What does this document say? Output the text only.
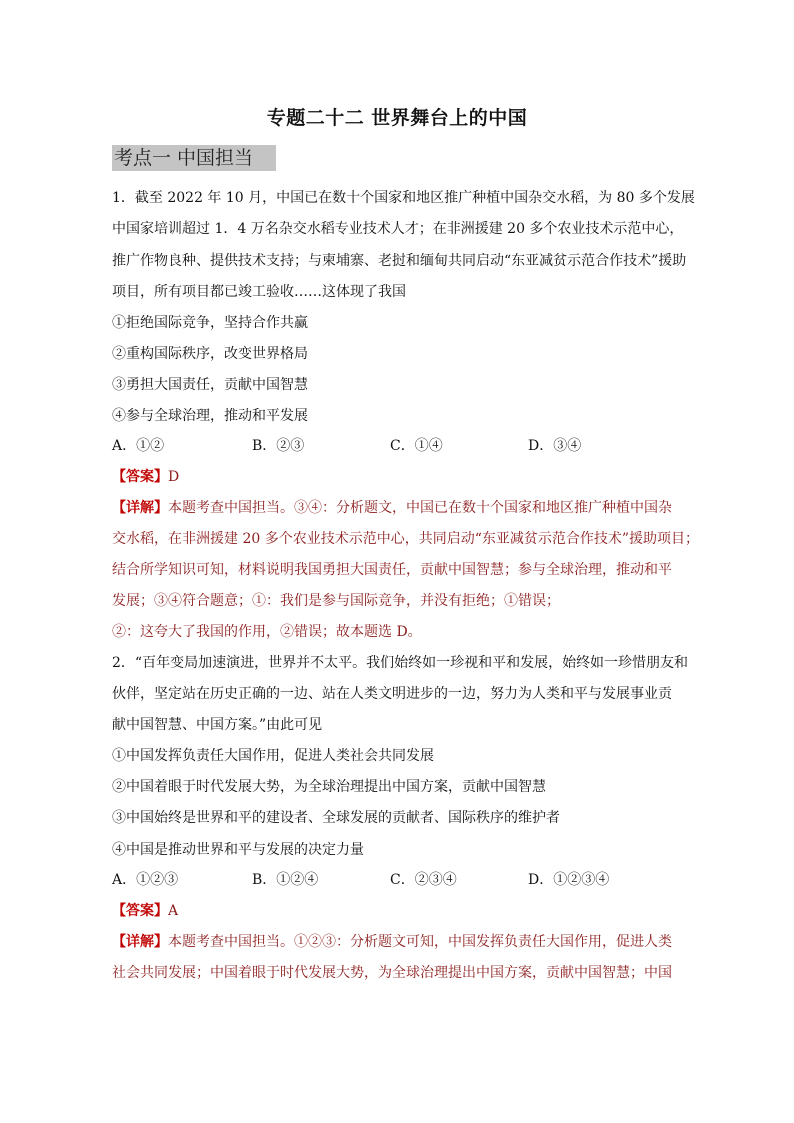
专题二十二 世界舞台上的中国
考点一 中国担当
1．截至 2022 年 10 月，中国已在数十个国家和地区推广种植中国杂交水稻，为 80 多个发展
中国家培训超过 1．4 万名杂交水稻专业技术人才；在非洲援建 20 多个农业技术示范中心，
推广作物良种、提供技术支持；与柬埔寨、老挝和缅甸共同启动“东亚减贫示范合作技术”援助
项目，所有项目都已竣工验收……这体现了我国
①拒绝国际竞争，坚持合作共赢
②重构国际秩序，改变世界格局
③勇担大国责任，贡献中国智慧
④参与全球治理，推动和平发展
A．①②	B．②③	C．①④	D．③④
【答案】D
【详解】本题考查中国担当。③④：分析题文，中国已在数十个国家和地区推广种植中国杂
交水稻，在非洲援建 20 多个农业技术示范中心，共同启动“东亚减贫示范合作技术”援助项目；
结合所学知识可知，材料说明我国勇担大国责任，贡献中国智慧；参与全球治理，推动和平
发展；③④符合题意；①：我们是参与国际竞争，并没有拒绝；①错误；
②：这夸大了我国的作用，②错误；故本题选 D。
2．“百年变局加速演进，世界并不太平。我们始终如一珍视和平和发展，始终如一珍惜朋友和
伙伴，坚定站在历史正确的一边、站在人类文明进步的一边，努力为人类和平与发展事业贡
献中国智慧、中国方案。”由此可见
①中国发挥负责任大国作用，促进人类社会共同发展
②中国着眼于时代发展大势，为全球治理提出中国方案，贡献中国智慧
③中国始终是世界和平的建设者、全球发展的贡献者、国际秩序的维护者
④中国是推动世界和平与发展的决定力量
A．①②③	B．①②④	C．②③④	D．①②③④
【答案】A
【详解】本题考查中国担当。①②③：分析题文可知，中国发挥负责任大国作用，促进人类
社会共同发展；中国着眼于时代发展大势，为全球治理提出中国方案，贡献中国智慧；中国
